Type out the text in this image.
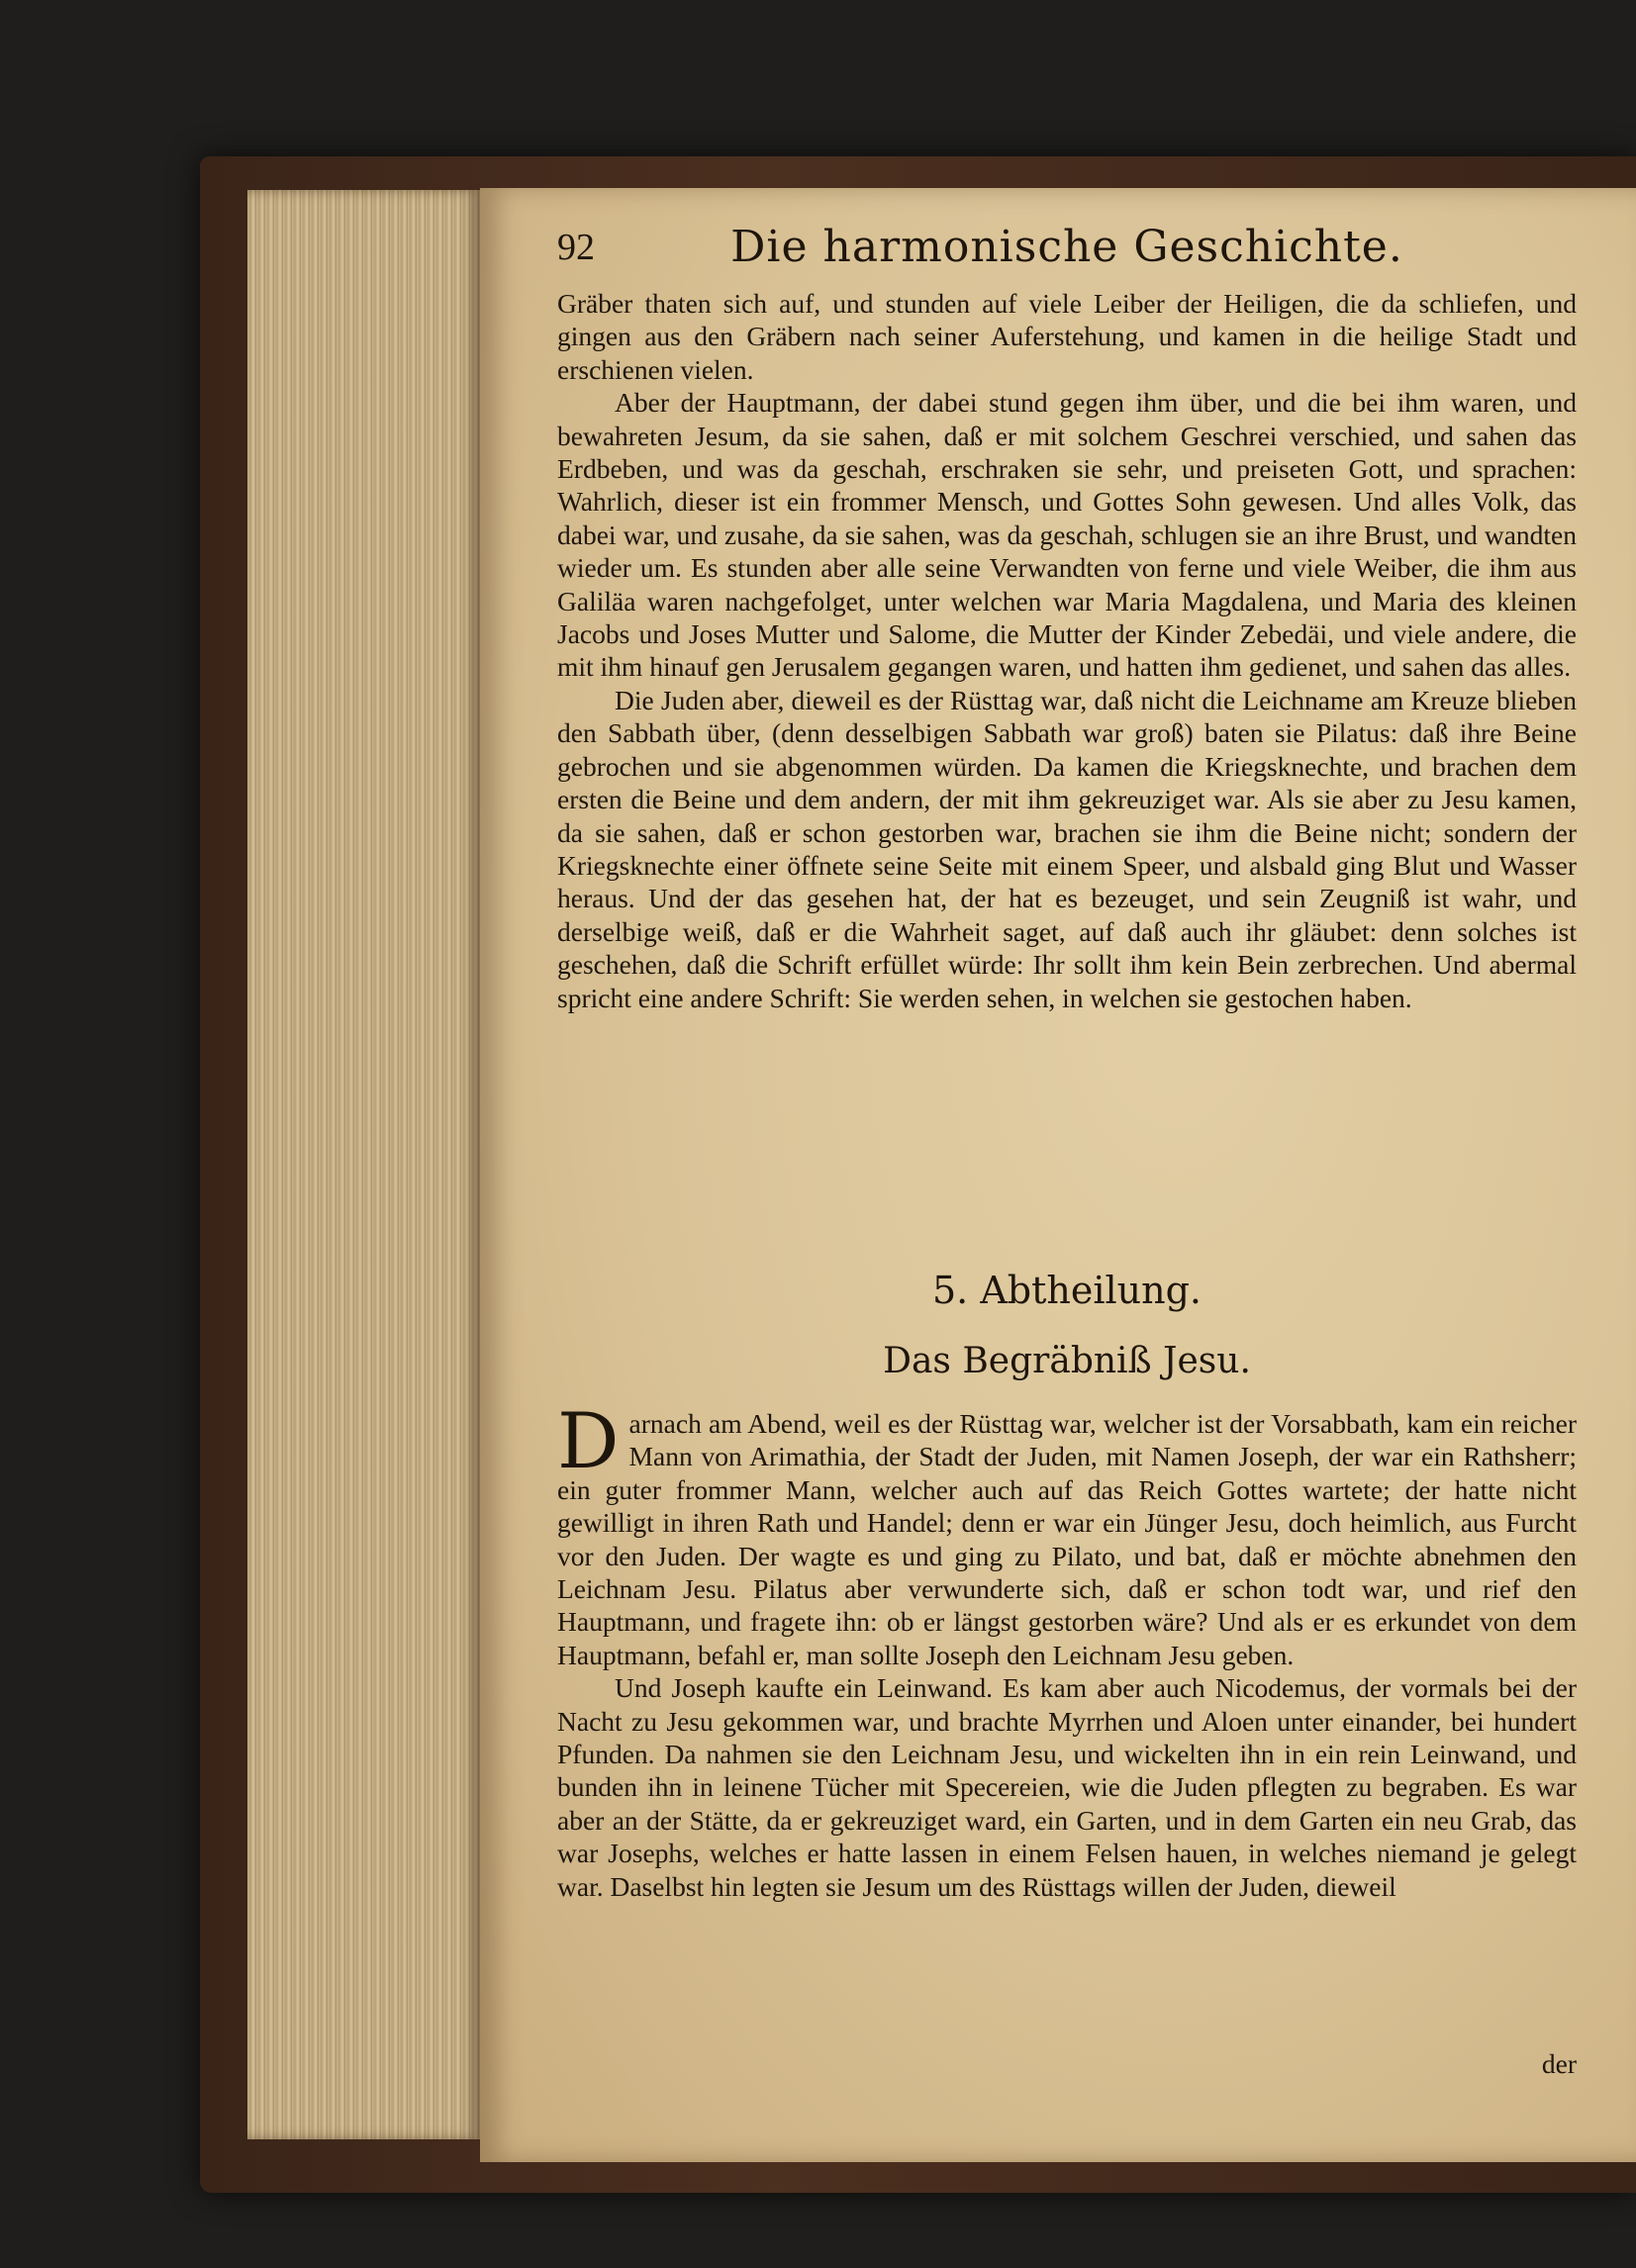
92	Die harmonische Geschichte.

Gräber thaten sich auf, und stunden auf viele Leiber der Heiligen, die da schliefen, und gingen aus den Gräbern nach seiner Auferstehung, und kamen in die heilige Stadt und erschienen vielen.

Aber der Hauptmann, der dabei stund gegen ihm über, und die bei ihm waren, und bewahreten Jesum, da sie sahen, daß er mit solchem Geschrei verschied, und sahen das Erdbeben, und was da geschah, erschraken sie sehr, und preiseten Gott, und sprachen: Wahrlich, dieser ist ein frommer Mensch, und Gottes Sohn gewesen. Und alles Volk, das dabei war, und zusahe, da sie sahen, was da geschah, schlugen sie an ihre Brust, und wandten wieder um. Es stunden aber alle seine Verwandten von ferne und viele Weiber, die ihm aus Galiläa waren nachgefolget, unter welchen war Maria Magdalena, und Maria des kleinen Jacobs und Joses Mutter und Salome, die Mutter der Kinder Zebedäi, und viele andere, die mit ihm hinauf gen Jerusalem gegangen waren, und hatten ihm gedienet, und sahen das alles.

Die Juden aber, dieweil es der Rüsttag war, daß nicht die Leichname am Kreuze blieben den Sabbath über, (denn desselbigen Sabbath war groß) baten sie Pilatus: daß ihre Beine gebrochen und sie abgenommen würden. Da kamen die Kriegsknechte, und brachen dem ersten die Beine und dem andern, der mit ihm gekreuziget war. Als sie aber zu Jesu kamen, da sie sahen, daß er schon gestorben war, brachen sie ihm die Beine nicht; sondern der Kriegsknechte einer öffnete seine Seite mit einem Speer, und alsbald ging Blut und Wasser heraus. Und der das gesehen hat, der hat es bezeuget, und sein Zeugniß ist wahr, und derselbige weiß, daß er die Wahrheit saget, auf daß auch ihr gläubet: denn solches ist geschehen, daß die Schrift erfüllet würde: Ihr sollt ihm kein Bein zerbrechen. Und abermal spricht eine andere Schrift: Sie werden sehen, in welchen sie gestochen haben.

5. Abtheilung.
Das Begräbniß Jesu.

Darnach am Abend, weil es der Rüsttag war, welcher ist der Vorsabbath, kam ein reicher Mann von Arimathia, der Stadt der Juden, mit Namen Joseph, der war ein Rathsherr; ein guter frommer Mann, welcher auch auf das Reich Gottes wartete; der hatte nicht gewilligt in ihren Rath und Handel; denn er war ein Jünger Jesu, doch heimlich, aus Furcht vor den Juden. Der wagte es und ging zu Pilato, und bat, daß er möchte abnehmen den Leichnam Jesu. Pilatus aber verwunderte sich, daß er schon todt war, und rief den Hauptmann, und fragete ihn: ob er längst gestorben wäre? Und als er es erkundet von dem Hauptmann, befahl er, man sollte Joseph den Leichnam Jesu geben.

Und Joseph kaufte ein Leinwand. Es kam aber auch Nicodemus, der vormals bei der Nacht zu Jesu gekommen war, und brachte Myrrhen und Aloen unter einander, bei hundert Pfunden. Da nahmen sie den Leichnam Jesu, und wickelten ihn in ein rein Leinwand, und bunden ihn in leinene Tücher mit Specereien, wie die Juden pflegten zu begraben. Es war aber an der Stätte, da er gekreuziget ward, ein Garten, und in dem Garten ein neu Grab, das war Josephs, welches er hatte lassen in einem Felsen hauen, in welches niemand je gelegt war. Daselbst hin legten sie Jesum um des Rüsttags willen der Juden, dieweil

der
